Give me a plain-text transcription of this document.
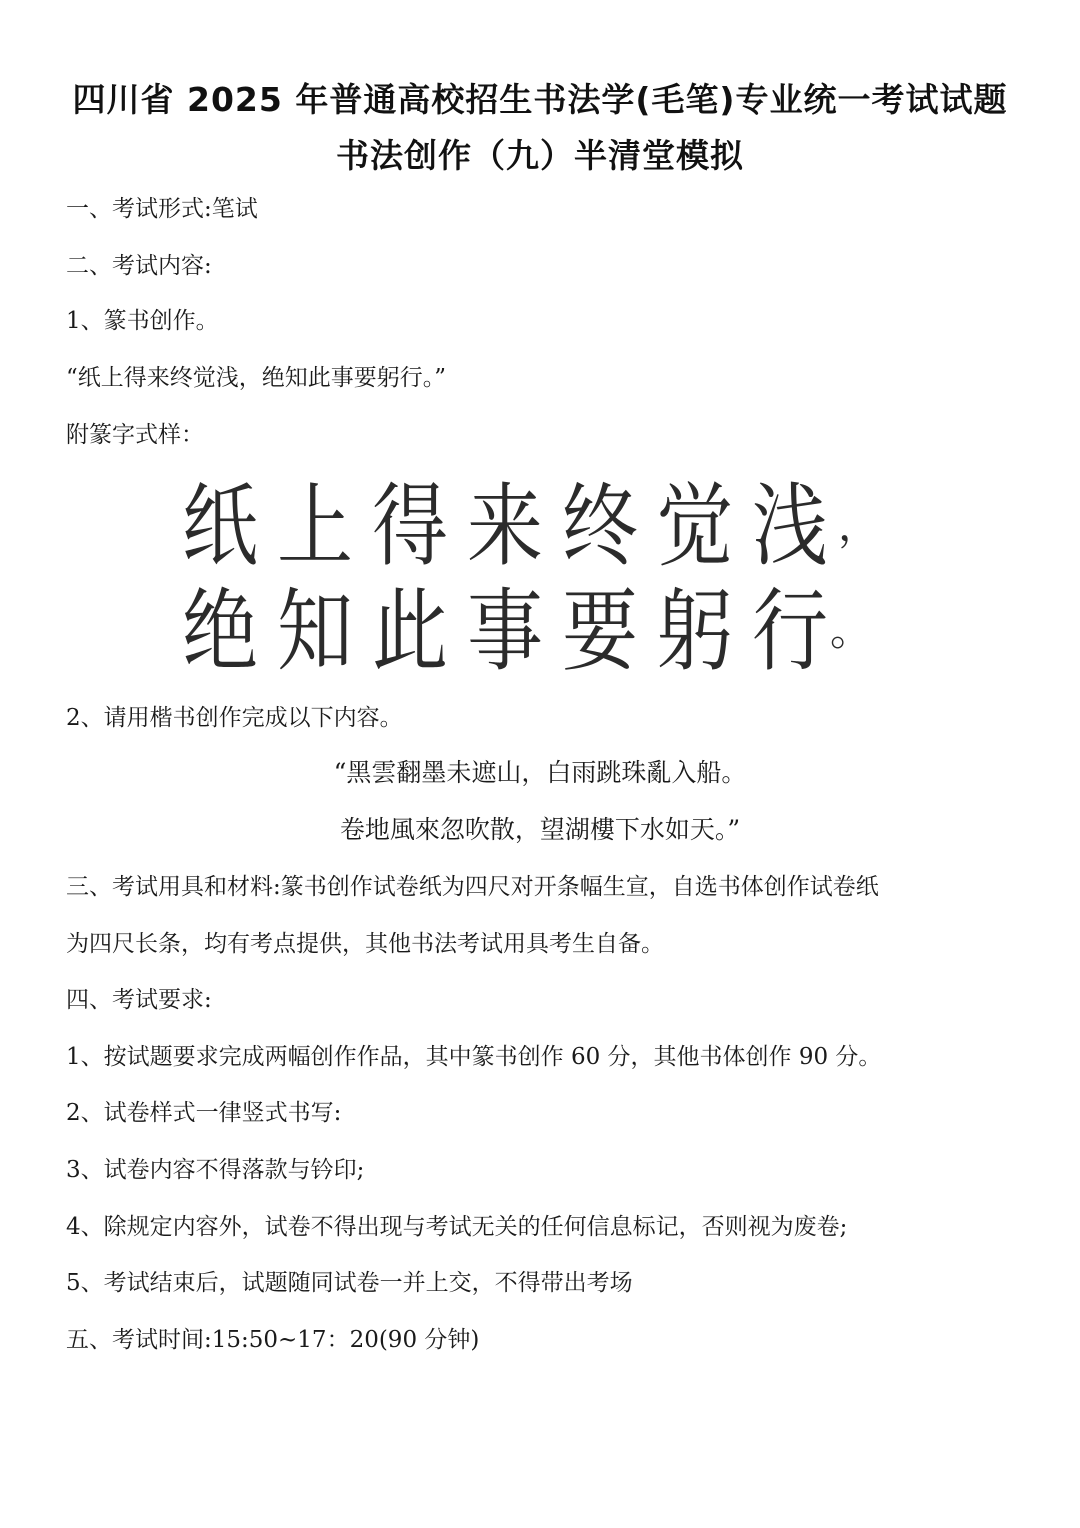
四川省 2025 年普通高校招生书法学(毛笔)专业统一考试试题
书法创作（九）半清堂模拟
一、考试形式:笔试
二、考试内容:
1、篆书创作。
“纸上得来终觉浅，绝知此事要躬行。”
附篆字式样：
纸 上 得 来 终 觉 浅 ，
绝 知 此 事 要 躬 行 。
2、请用楷书创作完成以下内容。
“黑雲翻墨未遮山，白雨跳珠亂入船。
卷地風來忽吹散，望湖樓下水如天。”
三、考试用具和材料:篆书创作试卷纸为四尺对开条幅生宣，自选书体创作试卷纸
为四尺长条，均有考点提供，其他书法考试用具考生自备。
四、考试要求:
1、按试题要求完成两幅创作作品，其中篆书创作 60 分，其他书体创作 90 分。
2、试卷样式一律竖式书写:
3、试卷内容不得落款与钤印;
4、除规定内容外，试卷不得出现与考试无关的任何信息标记，否则视为废卷;
5、考试结束后，试题随同试卷一并上交，不得带出考场
五、考试时间:15:50~17：20(90 分钟)
